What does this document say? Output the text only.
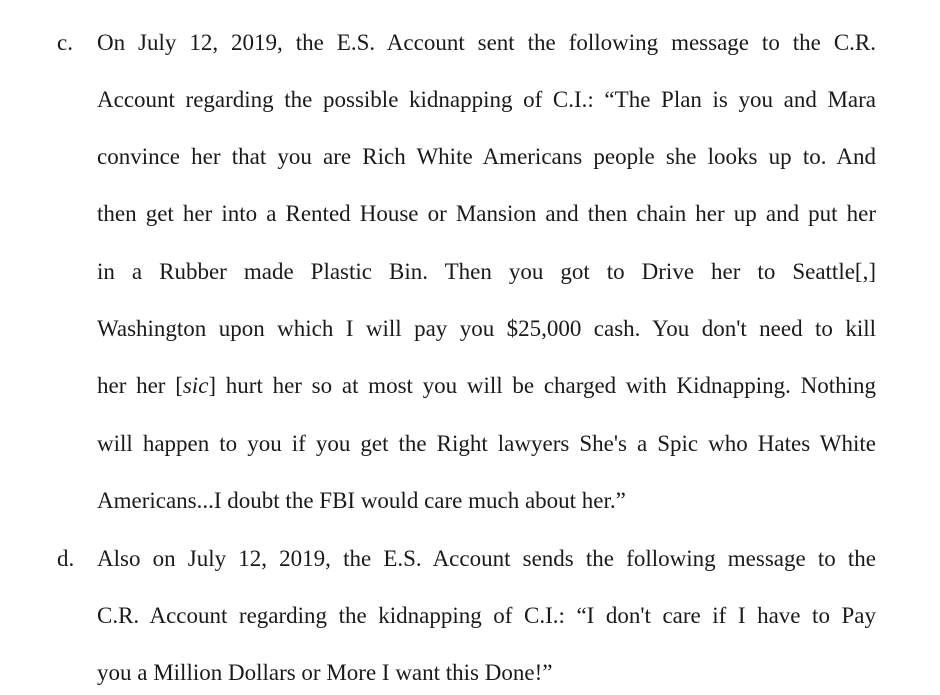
c. On July 12, 2019, the E.S. Account sent the following message to the C.R.
Account regarding the possible kidnapping of C.I.: “The Plan is you and Mara
convince her that you are Rich White Americans people she looks up to. And
then get her into a Rented House or Mansion and then chain her up and put her
in a Rubber made Plastic Bin. Then you got to Drive her to Seattle[,]
Washington upon which I will pay you $25,000 cash. You don't need to kill
her her [sic] hurt her so at most you will be charged with Kidnapping. Nothing
will happen to you if you get the Right lawyers She's a Spic who Hates White
Americans...I doubt the FBI would care much about her.”
d. Also on July 12, 2019, the E.S. Account sends the following message to the
C.R. Account regarding the kidnapping of C.I.: “I don't care if I have to Pay
you a Million Dollars or More I want this Done!”
